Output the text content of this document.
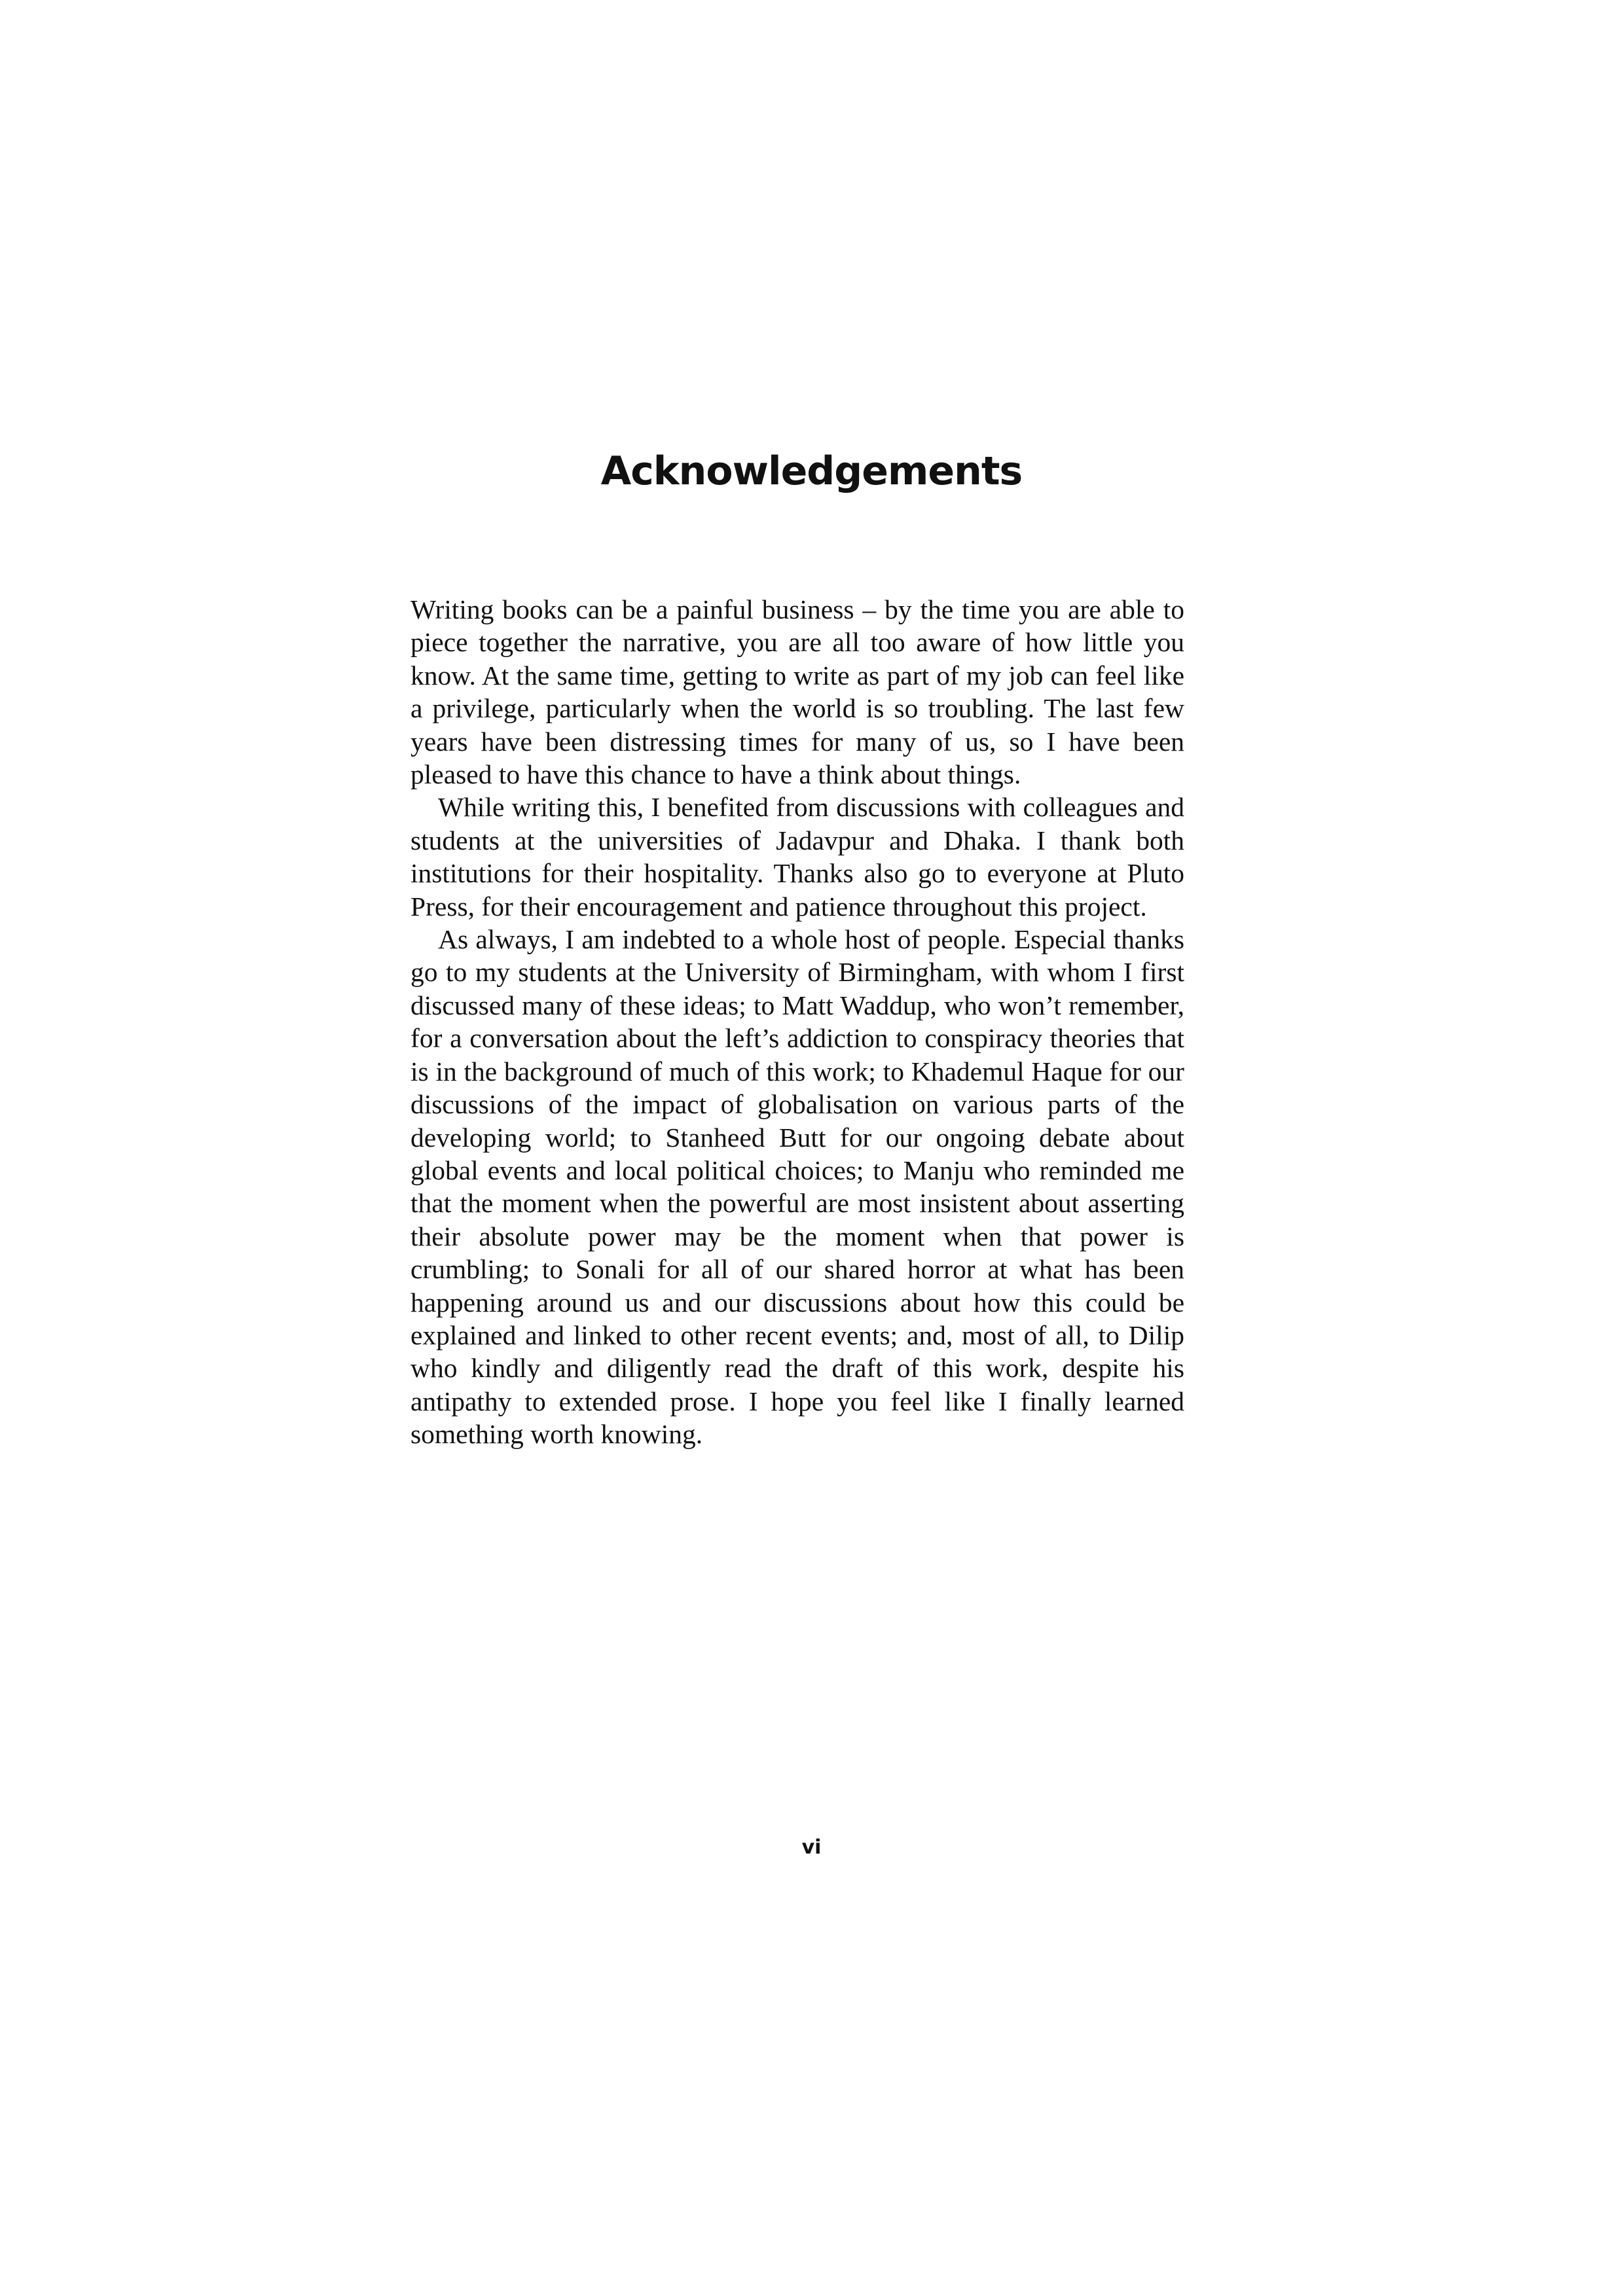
Acknowledgements

Writing books can be a painful business – by the time you are able to piece together the narrative, you are all too aware of how little you know. At the same time, getting to write as part of my job can feel like a privilege, particularly when the world is so troubling. The last few years have been distressing times for many of us, so I have been pleased to have this chance to have a think about things.

While writing this, I benefited from discussions with colleagues and students at the universities of Jadavpur and Dhaka. I thank both institutions for their hospitality. Thanks also go to everyone at Pluto Press, for their encouragement and patience throughout this project.

As always, I am indebted to a whole host of people. Especial thanks go to my students at the University of Birmingham, with whom I first discussed many of these ideas; to Matt Waddup, who won’t remember, for a conversation about the left’s addiction to conspiracy theories that is in the background of much of this work; to Khademul Haque for our discussions of the impact of globalisation on various parts of the developing world; to Stanheed Butt for our ongoing debate about global events and local political choices; to Manju who reminded me that the moment when the powerful are most insistent about asserting their absolute power may be the moment when that power is crumbling; to Sonali for all of our shared horror at what has been happening around us and our discussions about how this could be explained and linked to other recent events; and, most of all, to Dilip who kindly and diligently read the draft of this work, despite his antipathy to extended prose. I hope you feel like I finally learned something worth knowing.

vi
